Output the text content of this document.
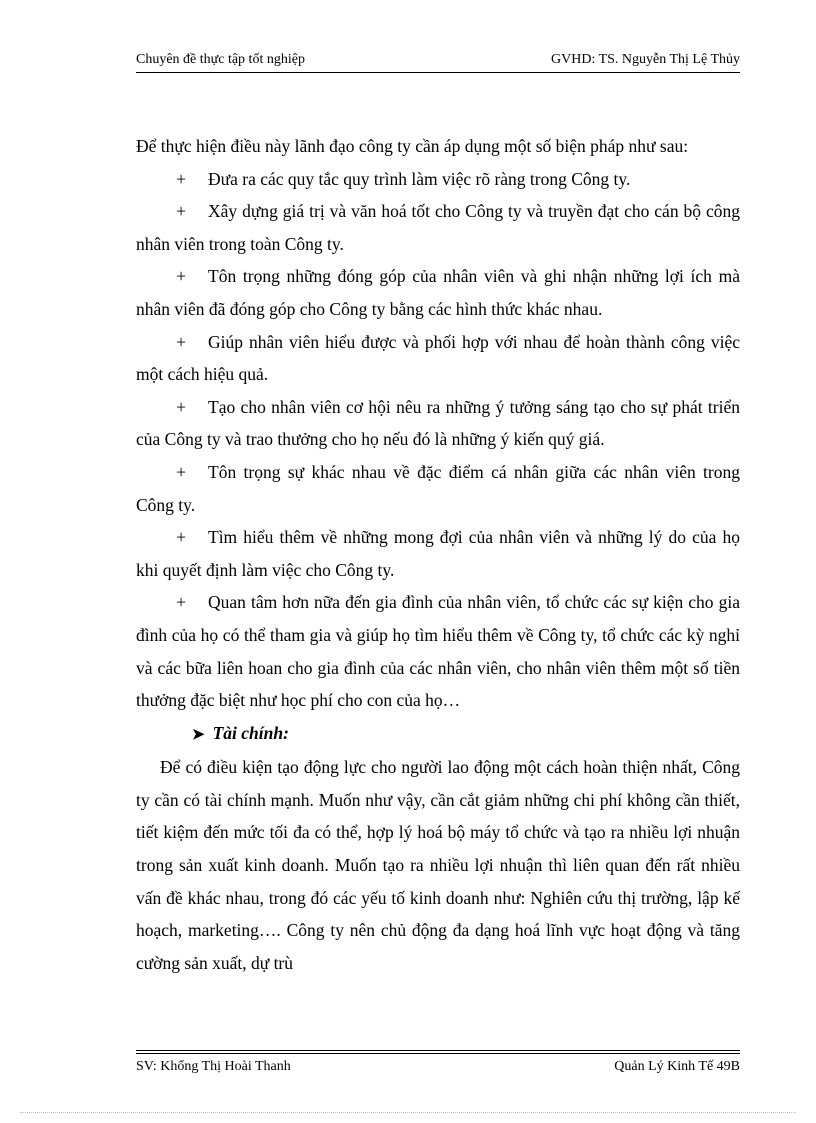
Chuyên đề thực tập tốt nghiệp	GVHD: TS. Nguyễn Thị Lệ Thủy

Để thực hiện điều này lãnh đạo công ty cần áp dụng một số biện pháp như sau:

+ Đưa ra các quy tắc quy trình làm việc rõ ràng trong Công ty.

+ Xây dựng giá trị và văn hoá tốt cho Công ty và truyền đạt cho cán bộ công nhân viên trong toàn Công ty.

+ Tôn trọng những đóng góp của nhân viên và ghi nhận những lợi ích mà nhân viên đã đóng góp cho Công ty bằng các hình thức khác nhau.

+ Giúp nhân viên hiểu được và phối hợp với nhau để hoàn thành công việc một cách hiệu quả.

+ Tạo cho nhân viên cơ hội nêu ra những ý tưởng sáng tạo cho sự phát triển của Công ty và trao thưởng cho họ nếu đó là những ý kiến quý giá.

+ Tôn trọng sự khác nhau về đặc điểm cá nhân giữa các nhân viên trong Công ty.

+ Tìm hiểu thêm về những mong đợi của nhân viên và những lý do của họ khi quyết định làm việc cho Công ty.

+ Quan tâm hơn nữa đến gia đình của nhân viên, tổ chức các sự kiện cho gia đình của họ có thể tham gia và giúp họ tìm hiểu thêm về Công ty, tổ chức các kỳ nghỉ và các bữa liên hoan cho gia đình của các nhân viên, cho nhân viên thêm một số tiền thưởng đặc biệt như học phí cho con của họ…

➤ Tài chính:

Để có điều kiện tạo động lực cho người lao động một cách hoàn thiện nhất, Công ty cần có tài chính mạnh. Muốn như vậy, cần cắt giảm những chi phí không cần thiết, tiết kiệm đến mức tối đa có thể, hợp lý hoá bộ máy tổ chức và tạo ra nhiều lợi nhuận trong sản xuất kinh doanh. Muốn tạo ra nhiều lợi nhuận thì liên quan đến rất nhiều vấn đề khác nhau, trong đó các yếu tố kinh doanh như: Nghiên cứu thị trường, lập kế hoạch, marketing…. Công ty nên chủ động đa dạng hoá lĩnh vực hoạt động và tăng cường sản xuất, dự trù

SV: Khổng Thị Hoài Thanh	Quản Lý Kinh Tế 49B
